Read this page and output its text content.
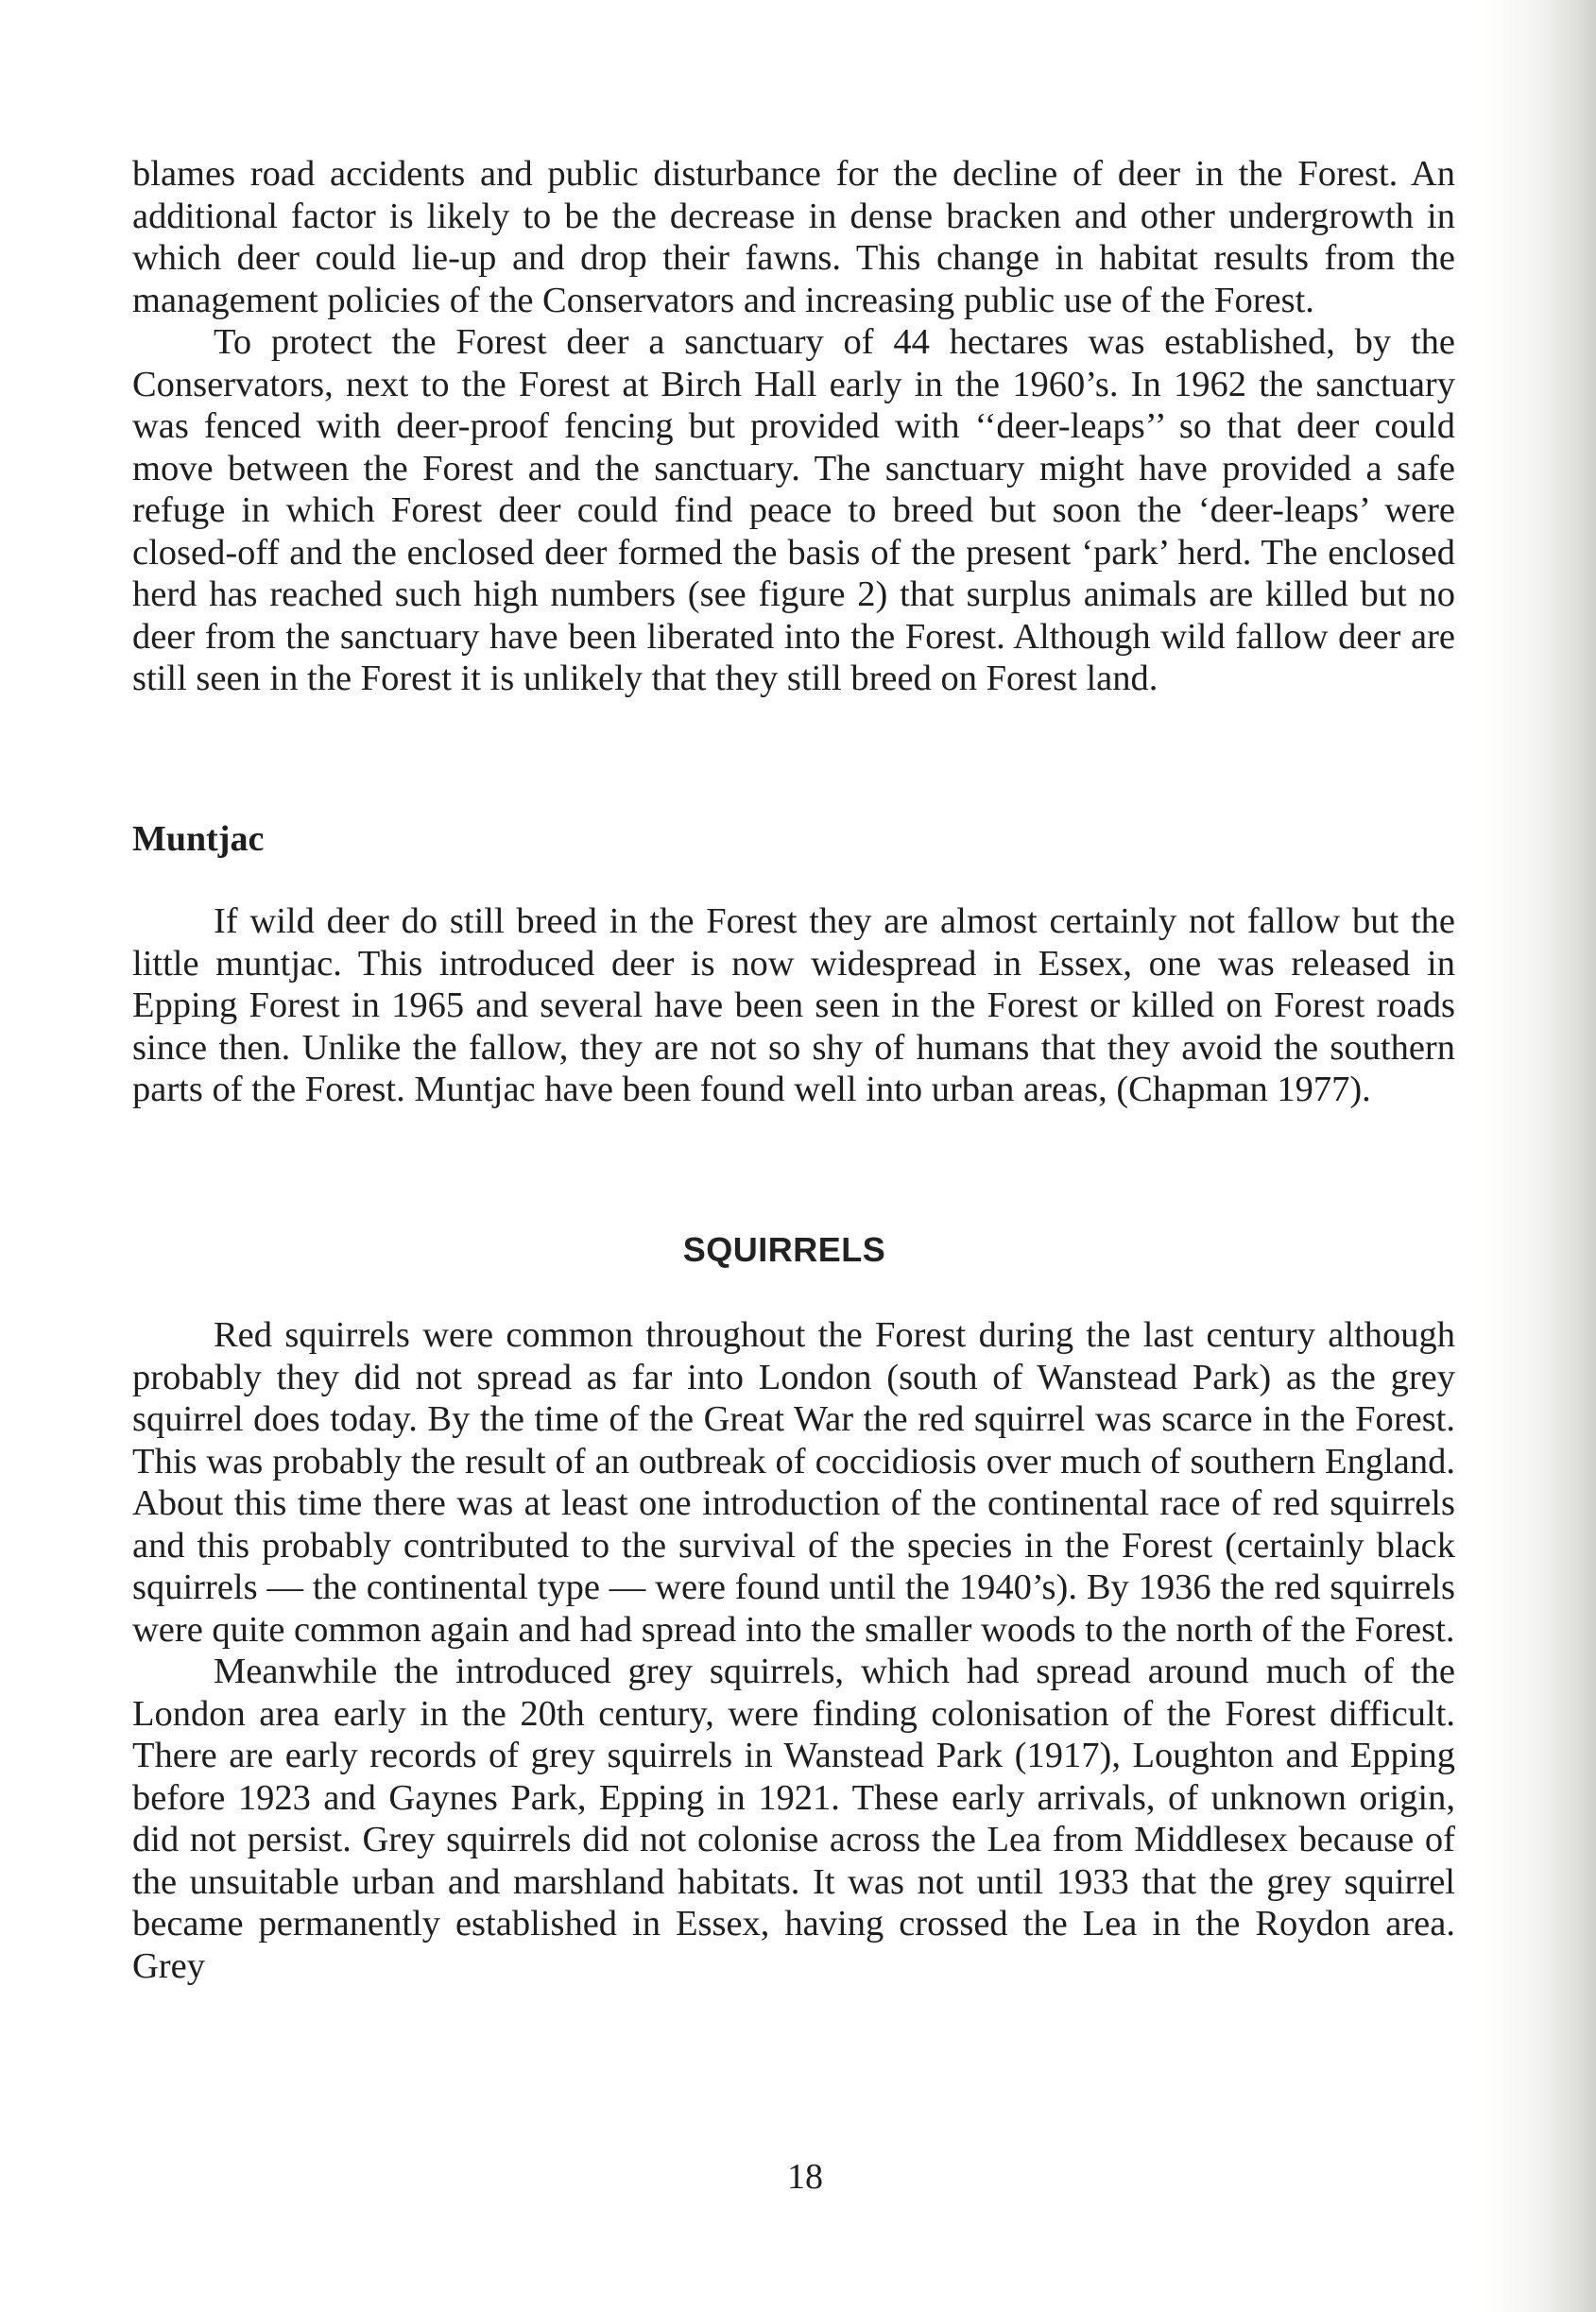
blames road accidents and public disturbance for the decline of deer in the Forest. An additional factor is likely to be the decrease in dense bracken and other undergrowth in which deer could lie-up and drop their fawns. This change in habitat results from the management policies of the Conservators and increasing public use of the Forest.

To protect the Forest deer a sanctuary of 44 hectares was established, by the Conservators, next to the Forest at Birch Hall early in the 1960’s. In 1962 the sanctuary was fenced with deer-proof fencing but provided with ‘‘deer-leaps’’ so that deer could move between the Forest and the sanctuary. The sanctuary might have provided a safe refuge in which Forest deer could find peace to breed but soon the ‘deer-leaps’ were closed-off and the enclosed deer formed the basis of the present ‘park’ herd. The enclosed herd has reached such high numbers (see figure 2) that surplus animals are killed but no deer from the sanctuary have been liberated into the Forest. Although wild fallow deer are still seen in the Forest it is unlikely that they still breed on Forest land.

Muntjac

If wild deer do still breed in the Forest they are almost certainly not fallow but the little muntjac. This introduced deer is now widespread in Essex, one was released in Epping Forest in 1965 and several have been seen in the Forest or killed on Forest roads since then. Unlike the fallow, they are not so shy of humans that they avoid the southern parts of the Forest. Muntjac have been found well into urban areas, (Chapman 1977).

SQUIRRELS

Red squirrels were common throughout the Forest during the last century although probably they did not spread as far into London (south of Wanstead Park) as the grey squirrel does today. By the time of the Great War the red squirrel was scarce in the Forest. This was probably the result of an outbreak of coccidiosis over much of southern England. About this time there was at least one introduction of the continental race of red squirrels and this probably contributed to the survival of the species in the Forest (certainly black squirrels — the continental type — were found until the 1940’s). By 1936 the red squirrels were quite common again and had spread into the smaller woods to the north of the Forest.

Meanwhile the introduced grey squirrels, which had spread around much of the London area early in the 20th century, were finding colonisation of the Forest difficult. There are early records of grey squirrels in Wanstead Park (1917), Loughton and Epping before 1923 and Gaynes Park, Epping in 1921. These early arrivals, of unknown origin, did not persist. Grey squirrels did not colonise across the Lea from Middlesex because of the unsuitable urban and marshland habitats. It was not until 1933 that the grey squirrel became permanently established in Essex, having crossed the Lea in the Roydon area. Grey

18
